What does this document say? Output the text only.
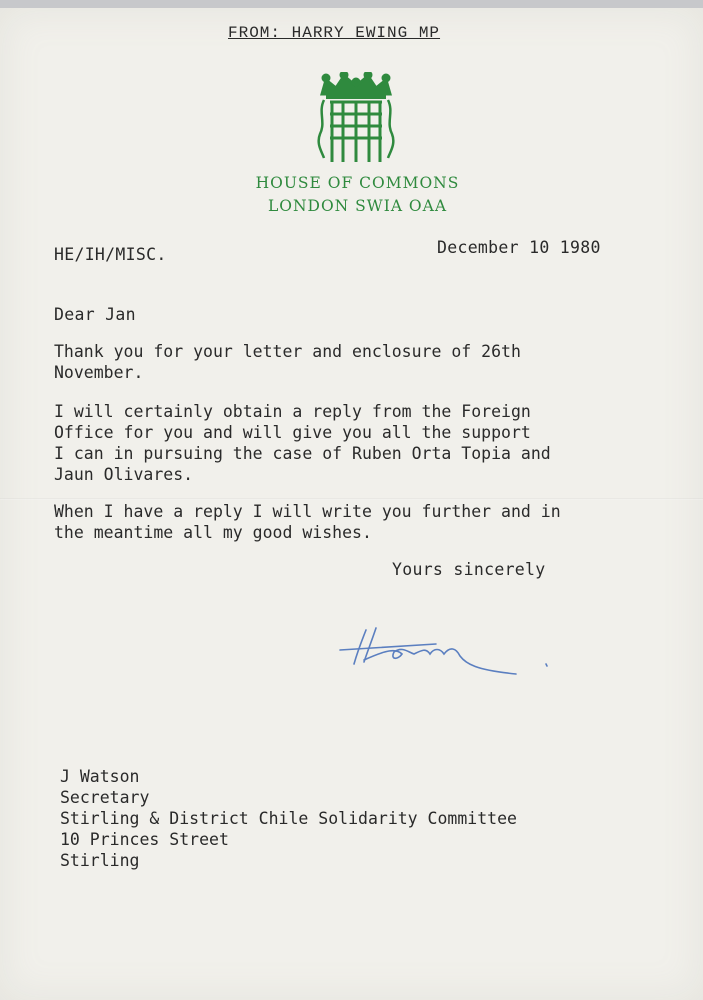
FROM: HARRY EWING MP
HOUSE OF COMMONS
LONDON SWIA OAA
HE/IH/MISC.	December 10 1980
Dear Jan
Thank you for your letter and enclosure of 26th
November.
I will certainly obtain a reply from the Foreign
Office for you and will give you all the support
I can in pursuing the case of Ruben Orta Topia and
Jaun Olivares.
When I have a reply I will write you further and in
the meantime all my good wishes.
Yours sincerely
J Watson
Secretary
Stirling & District Chile Solidarity Committee
10 Princes Street
Stirling
